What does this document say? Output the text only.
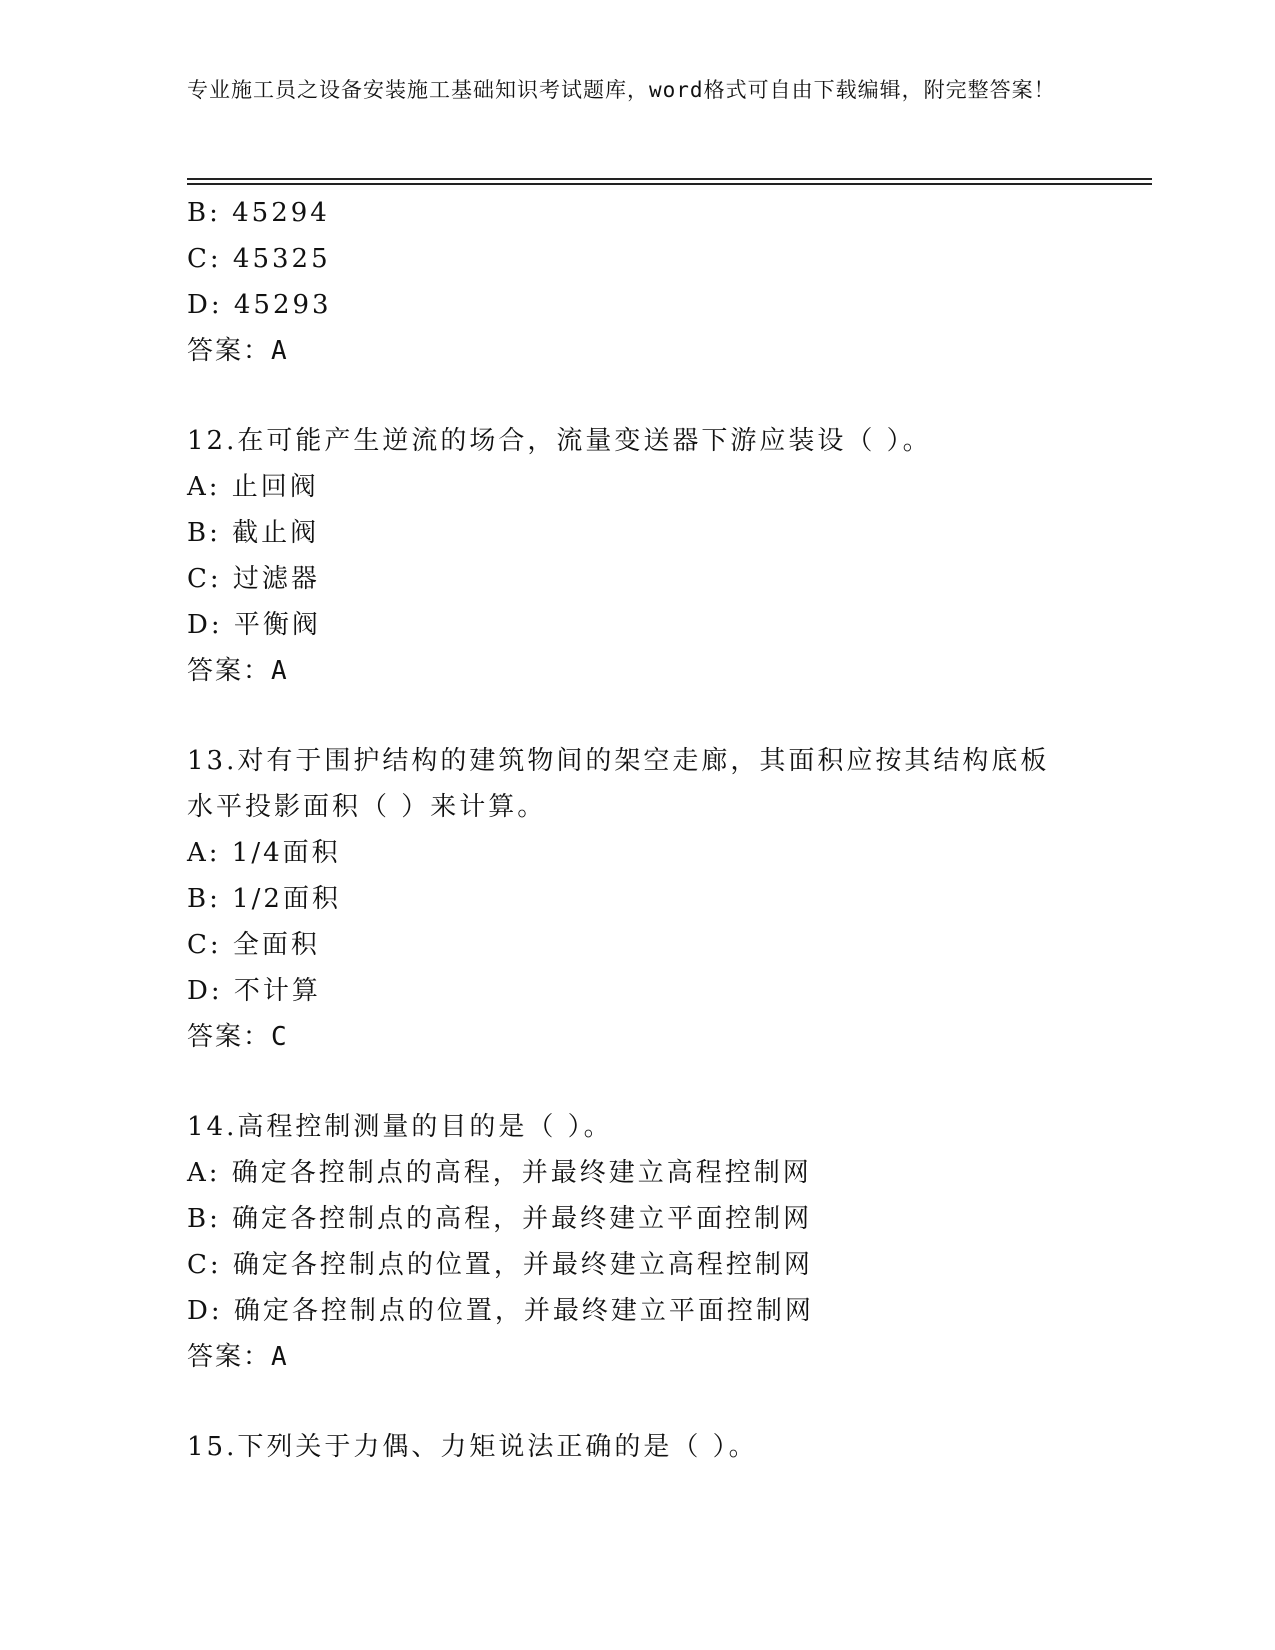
专业施工员之设备安装施工基础知识考试题库，word格式可自由下载编辑，附完整答案！
B: 45294
C: 45325
D: 45293
答案：A
12.在可能产生逆流的场合，流量变送器下游应装设（ ）。
A: 止回阀
B: 截止阀
C: 过滤器
D: 平衡阀
答案：A
13.对有于围护结构的建筑物间的架空走廊，其面积应按其结构底板水平投影面积（ ）来计算。
A: 1/4面积
B: 1/2面积
C: 全面积
D: 不计算
答案：C
14.高程控制测量的目的是（ ）。
A: 确定各控制点的高程，并最终建立高程控制网
B: 确定各控制点的高程，并最终建立平面控制网
C: 确定各控制点的位置，并最终建立高程控制网
D: 确定各控制点的位置，并最终建立平面控制网
答案：A
15.下列关于力偶、力矩说法正确的是（ ）。
